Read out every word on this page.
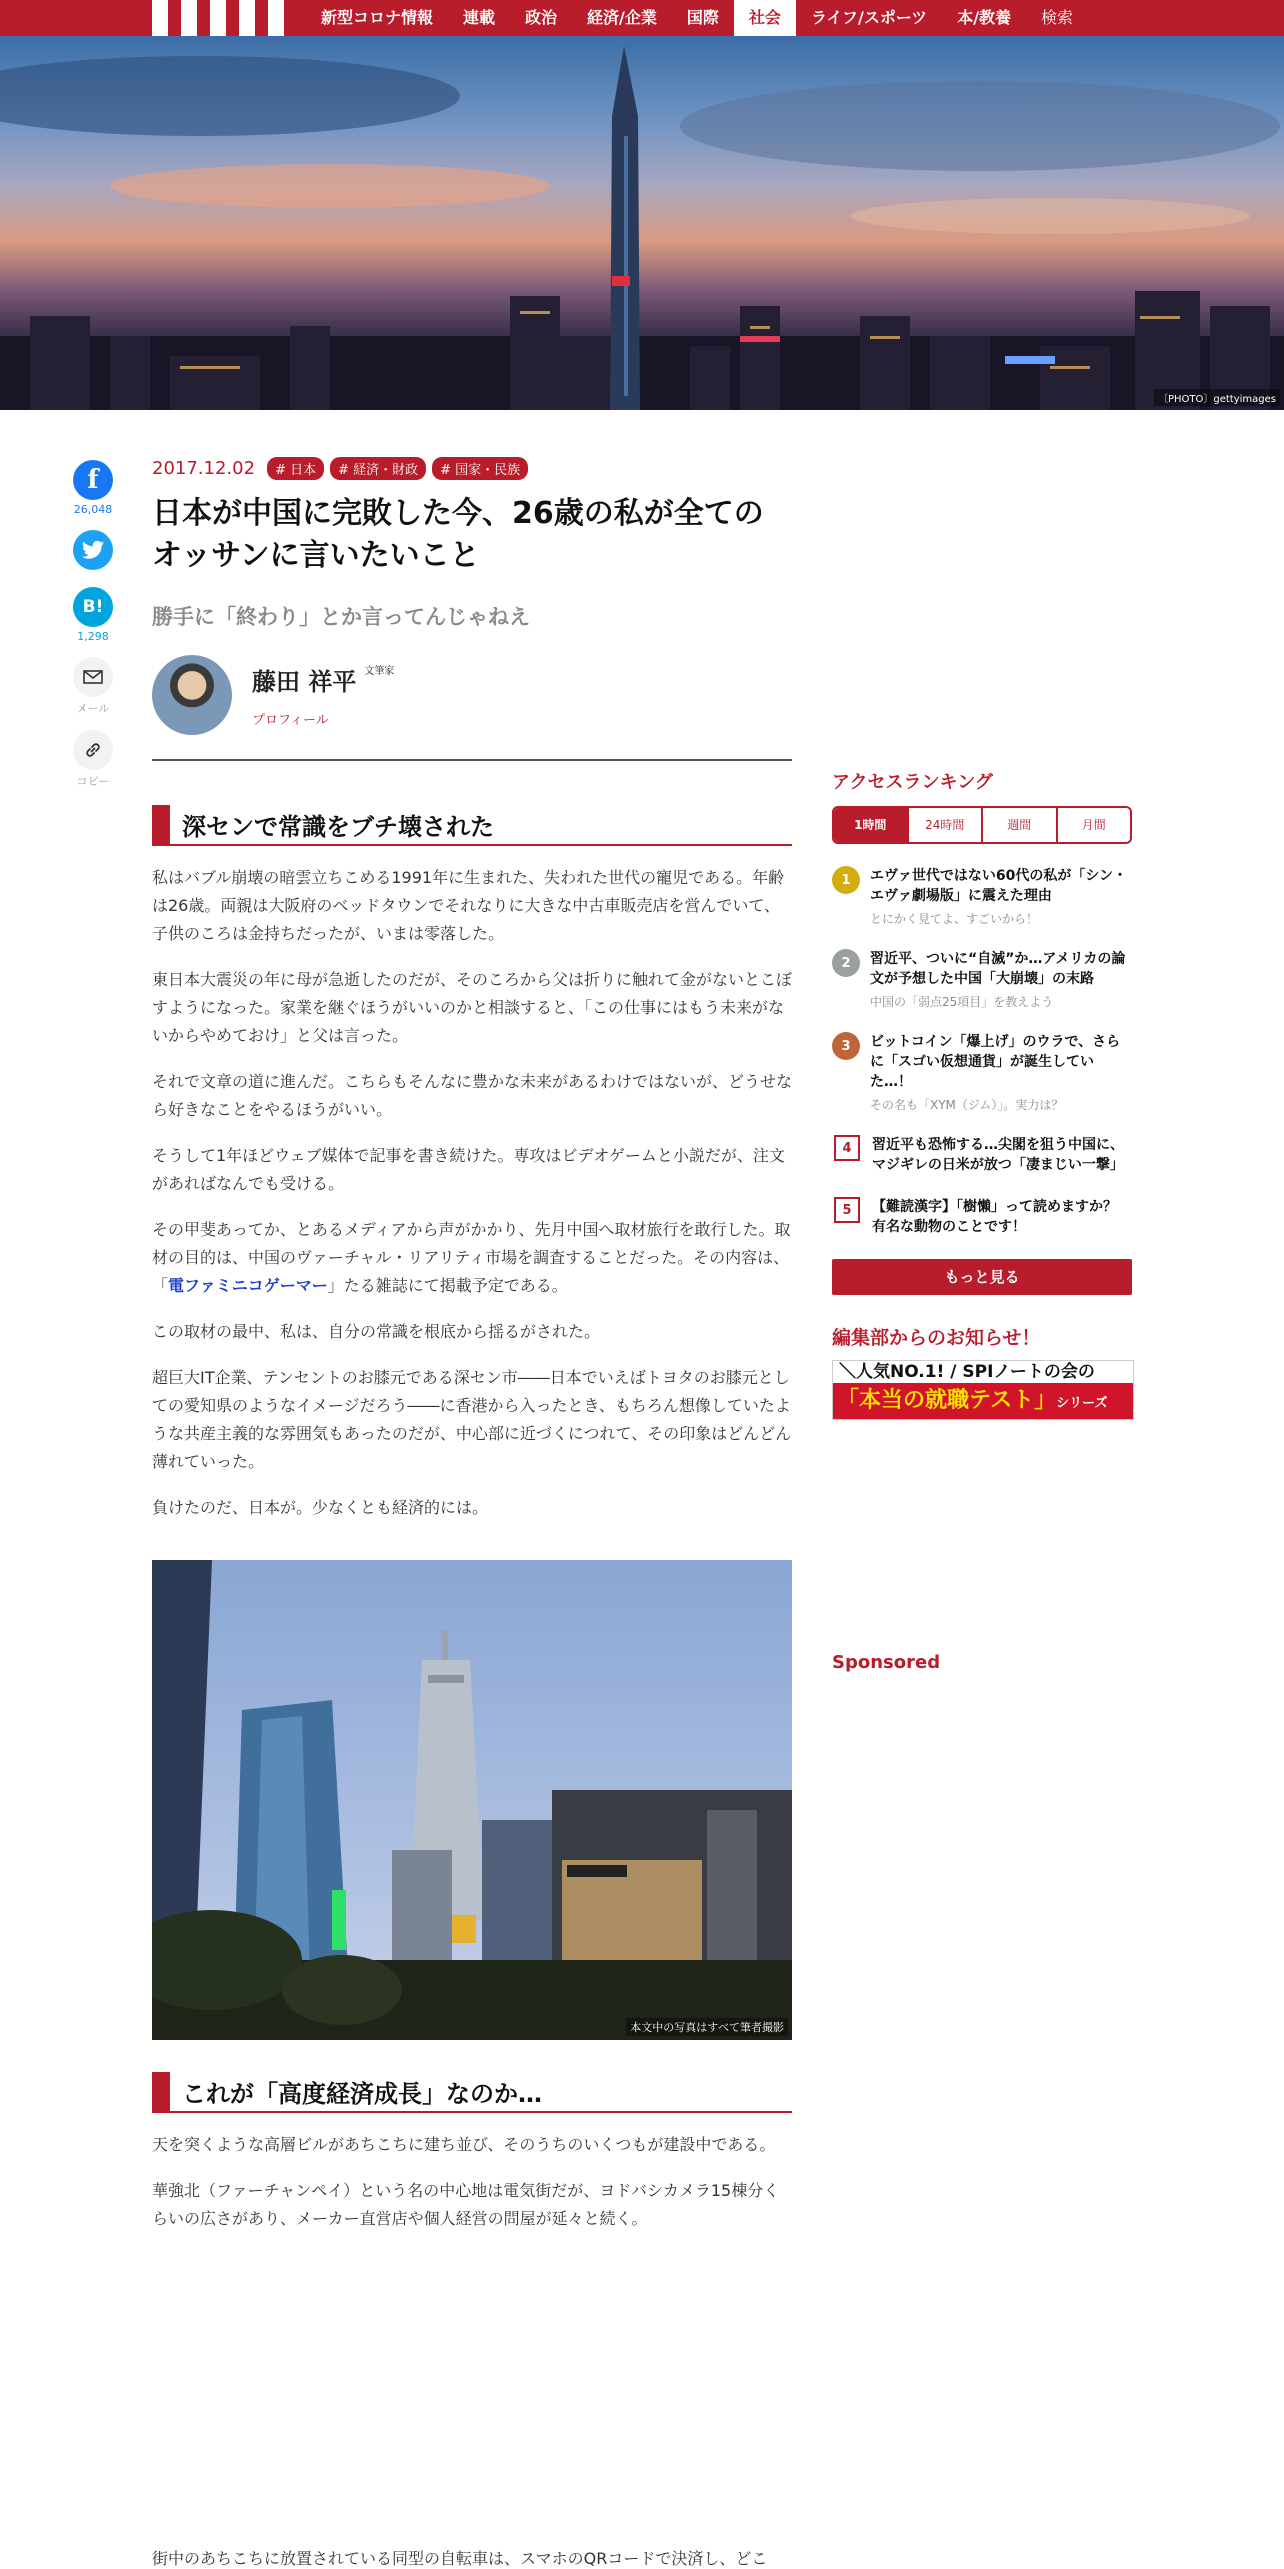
新型コロナ情報	連載	政治	経済/企業	国際	社会	ライフ/スポーツ	本/教養	検索
〔PHOTO〕gettyimages
f
26,048
B!
1,298
メール
コピー
2017.12.02	# 日本	# 経済・財政	# 国家・民族
日本が中国に完敗した今、26歳の私が全てのオッサンに言いたいこと
勝手に「終わり」とか言ってんじゃねえ
藤田 祥平 $^{文筆家}$
プロフィール
深センで常識をブチ壊された

私はバブル崩壊の暗雲立ちこめる1991年に生まれた、失われた世代の寵児である。年齢は26歳。両親は大阪府のベッドタウンでそれなりに大きな中古車販売店を営んでいて、子供のころは金持ちだったが、いまは零落した。

東日本大震災の年に母が急逝したのだが、そのころから父は折りに触れて金がないとこぼすようになった。家業を継ぐほうがいいのかと相談すると、「この仕事にはもう未来がないからやめておけ」と父は言った。

それで文章の道に進んだ。こちらもそんなに豊かな未来があるわけではないが、どうせなら好きなことをやるほうがいい。

そうして1年ほどウェブ媒体で記事を書き続けた。専攻はビデオゲームと小説だが、注文があればなんでも受ける。

その甲斐あってか、とあるメディアから声がかかり、先月中国へ取材旅行を敢行した。取材の目的は、中国のヴァーチャル・リアリティ市場を調査することだった。その内容は、「電ファミニコゲーマー」たる雑誌にて掲載予定である。

この取材の最中、私は、自分の常識を根底から揺るがされた。

超巨大IT企業、テンセントのお膝元である深セン市――日本でいえばトヨタのお膝元としての愛知県のようなイメージだろう――に香港から入ったとき、もちろん想像していたような共産主義的な雰囲気もあったのだが、中心部に近づくにつれて、その印象はどんどん薄れていった。

負けたのだ、日本が。少なくとも経済的には。

本文中の写真はすべて筆者撮影
これが「高度経済成長」なのか…

天を突くような高層ビルがあちこちに建ち並び、そのうちのいくつもが建設中である。

華強北（ファーチャンペイ）という名の中心地は電気街だが、ヨドバシカメラ15棟分くらいの広さがあり、メーカー直営店や個人経営の問屋が延々と続く。

街中のあちこちに放置されている同型の自転車は、スマホのQRコードで決済し、どこ
アクセスランキング
1時間	24時間	週間	月間
1	エヴァ世代ではない60代の私が「シン・エヴァ劇場版」に震えた理由
とにかく見てよ、すごいから！
2	習近平、ついに“自滅”か…アメリカの論文が予想した中国「大崩壊」の末路
中国の「弱点25項目」を教えよう
3	ビットコイン「爆上げ」のウラで、さらに「スゴい仮想通貨」が誕生していた…！
その名も「XYM（ジム）」。実力は？
4	習近平も恐怖する…尖閣を狙う中国に、マジギレの日米が放つ「凄まじい一撃」
5	【難読漢字】「樹懶」って読めますか？　有名な動物のことです！
もっと見る
編集部からのお知らせ！
＼人気NO.1! / SPIノートの会の
「本当の就職テスト」シリーズ
Sponsored
